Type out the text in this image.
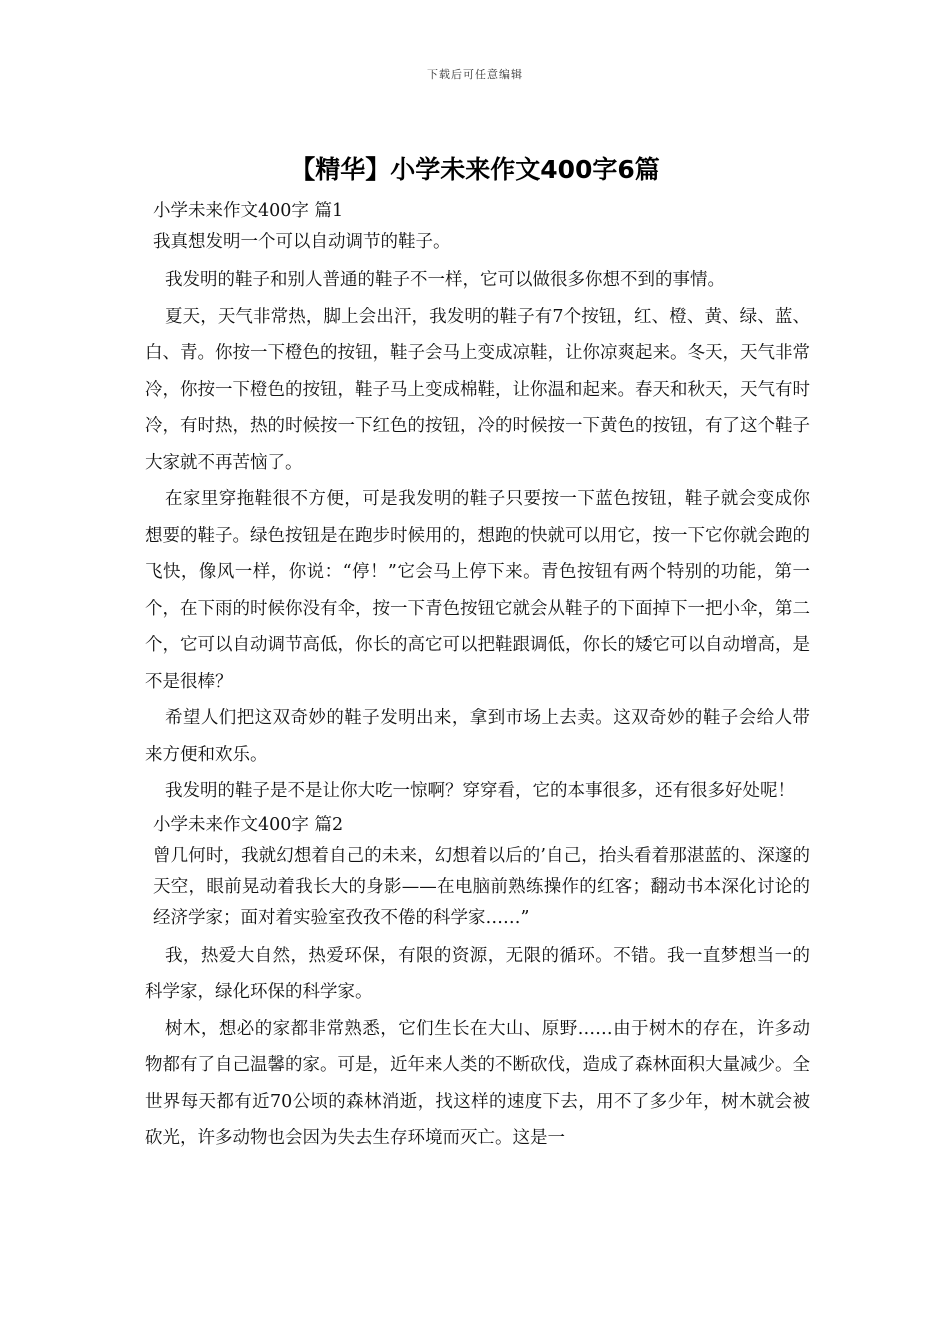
下载后可任意编辑
【精华】小学未来作文400字6篇

小学未来作文400字 篇1

我真想发明一个可以自动调节的鞋子。

我发明的鞋子和别人普通的鞋子不一样，它可以做很多你想不到的事情。

夏天，天气非常热，脚上会出汗，我发明的鞋子有7个按钮，红、橙、黄、绿、蓝、白、青。你按一下橙色的按钮，鞋子会马上变成凉鞋，让你凉爽起来。冬天，天气非常冷，你按一下橙色的按钮，鞋子马上变成棉鞋，让你温和起来。春天和秋天，天气有时冷，有时热，热的时候按一下红色的按钮，冷的时候按一下黄色的按钮，有了这个鞋子大家就不再苦恼了。

在家里穿拖鞋很不方便，可是我发明的鞋子只要按一下蓝色按钮，鞋子就会变成你想要的鞋子。绿色按钮是在跑步时候用的，想跑的快就可以用它，按一下它你就会跑的飞快，像风一样，你说：“停！”它会马上停下来。青色按钮有两个特别的功能，第一个，在下雨的时候你没有伞，按一下青色按钮它就会从鞋子的下面掉下一把小伞，第二个，它可以自动调节高低，你长的高它可以把鞋跟调低，你长的矮它可以自动增高，是不是很棒？

希望人们把这双奇妙的鞋子发明出来，拿到市场上去卖。这双奇妙的鞋子会给人带来方便和欢乐。

我发明的鞋子是不是让你大吃一惊啊？穿穿看，它的本事很多，还有很多好处呢！

小学未来作文400字 篇2

曾几何时，我就幻想着自己的未来，幻想着以后的’自己，抬头看着那湛蓝的、深邃的天空，眼前晃动着我长大的身影——在电脑前熟练操作的红客；翻动书本深化讨论的经济学家；面对着实验室孜孜不倦的科学家……”

我，热爱大自然，热爱环保，有限的资源，无限的循环。不错。我一直梦想当一的科学家，绿化环保的科学家。

树木，想必的家都非常熟悉，它们生长在大山、原野……由于树木的存在，许多动物都有了自己温馨的家。可是，近年来人类的不断砍伐，造成了森林面积大量减少。全世界每天都有近70公顷的森林消逝，找这样的速度下去，用不了多少年，树木就会被砍光，许多动物也会因为失去生存环境而灭亡。这是一
